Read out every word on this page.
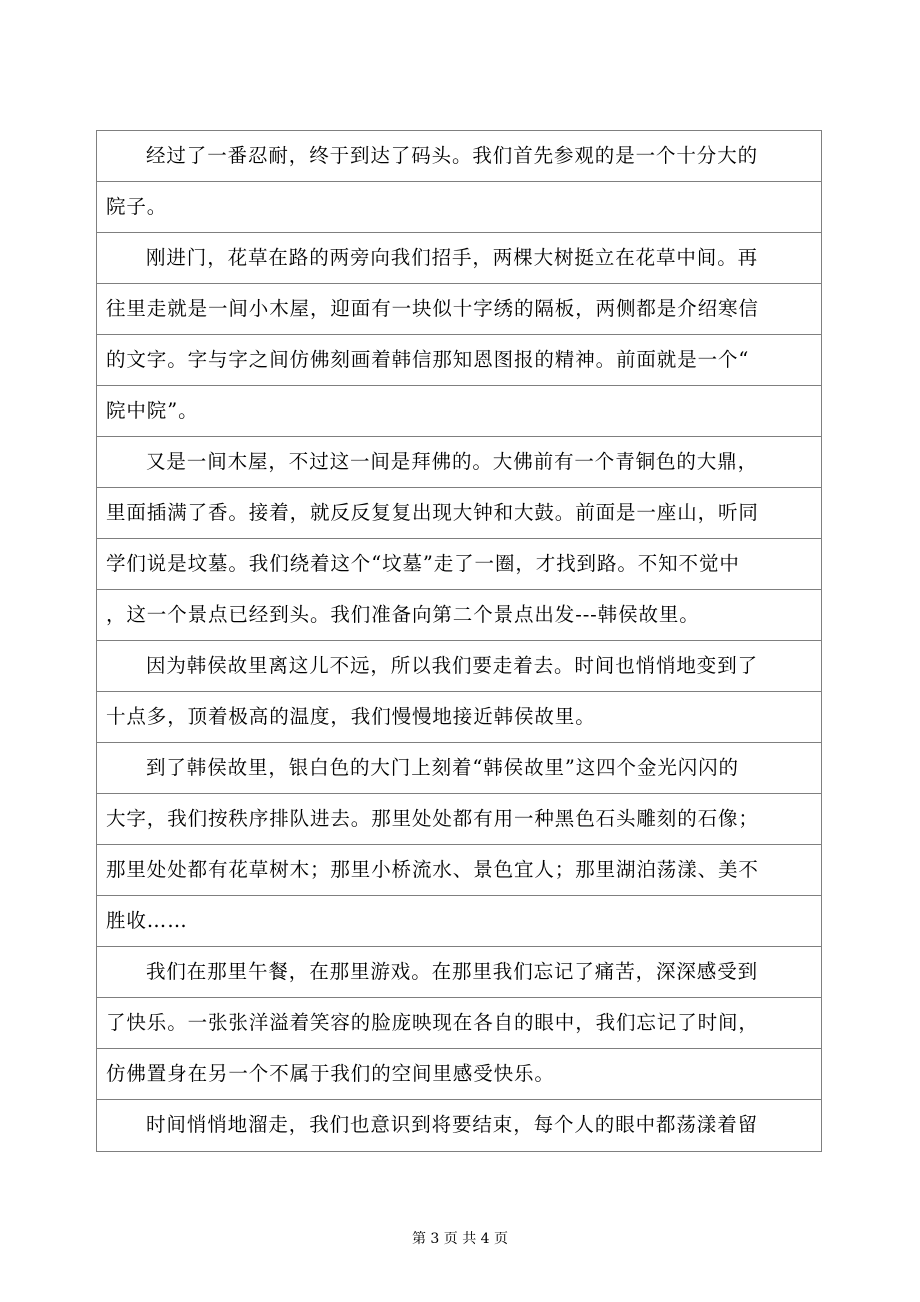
经过了一番忍耐，终于到达了码头。我们首先参观的是一个十分大的
院子。
刚进门，花草在路的两旁向我们招手，两棵大树挺立在花草中间。再
往里走就是一间小木屋，迎面有一块似十字绣的隔板，两侧都是介绍寒信
的文字。字与字之间仿佛刻画着韩信那知恩图报的精神。前面就是一个“
院中院”。
又是一间木屋，不过这一间是拜佛的。大佛前有一个青铜色的大鼎，
里面插满了香。接着，就反反复复出现大钟和大鼓。前面是一座山，听同
学们说是坟墓。我们绕着这个“坟墓”走了一圈，才找到路。不知不觉中
，这一个景点已经到头。我们准备向第二个景点出发---韩侯故里。
因为韩侯故里离这儿不远，所以我们要走着去。时间也悄悄地变到了
十点多，顶着极高的温度，我们慢慢地接近韩侯故里。
到了韩侯故里，银白色的大门上刻着“韩侯故里”这四个金光闪闪的
大字，我们按秩序排队进去。那里处处都有用一种黑色石头雕刻的石像；
那里处处都有花草树木；那里小桥流水、景色宜人；那里湖泊荡漾、美不
胜收……
我们在那里午餐，在那里游戏。在那里我们忘记了痛苦，深深感受到
了快乐。一张张洋溢着笑容的脸庞映现在各自的眼中，我们忘记了时间，
仿佛置身在另一个不属于我们的空间里感受快乐。
时间悄悄地溜走，我们也意识到将要结束，每个人的眼中都荡漾着留
第 3 页 共 4 页
